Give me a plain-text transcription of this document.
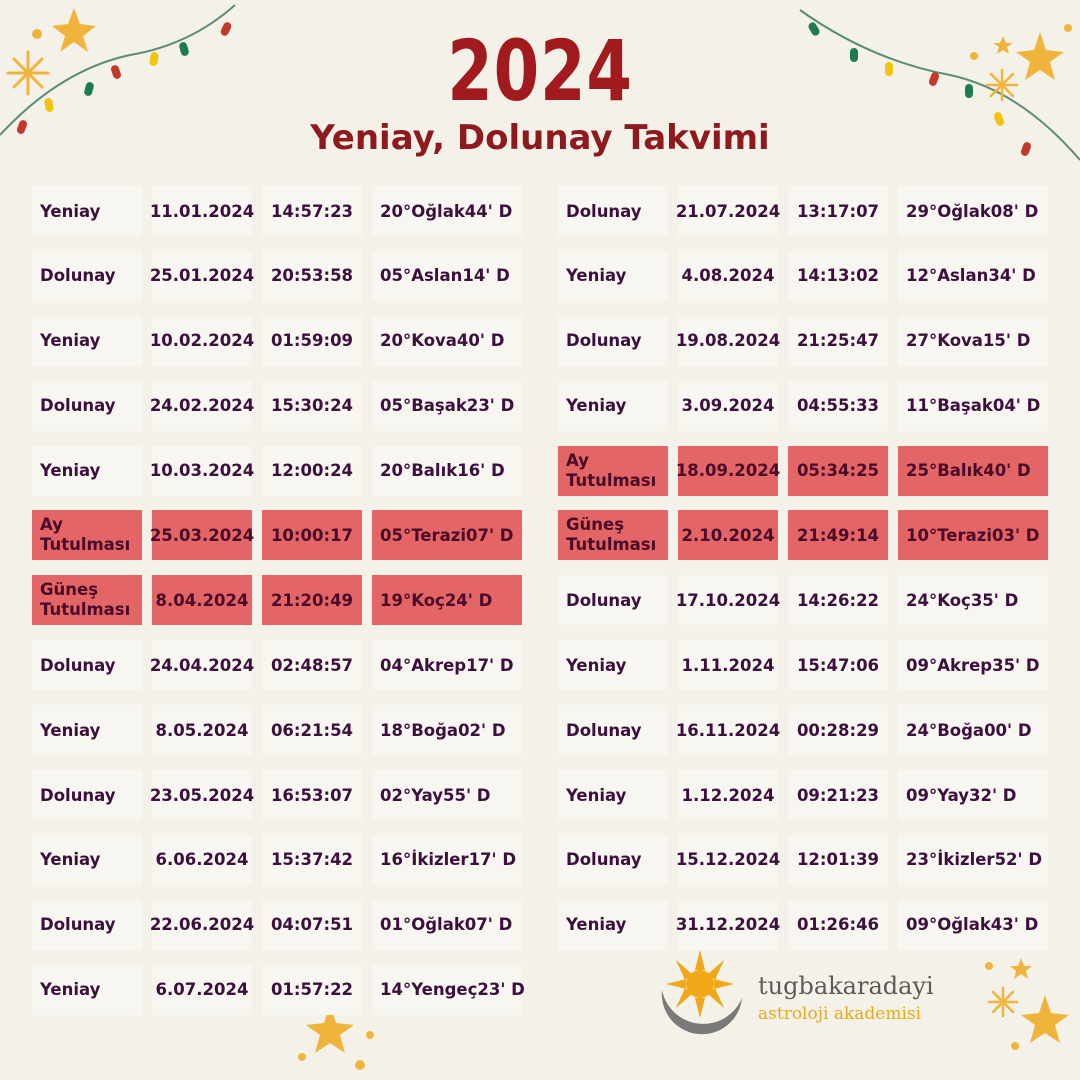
2024
Yeniay, Dolunay Takvimi
Yeniay	11.01.2024	14:57:23	20°Oğlak44' D
Dolunay	25.01.2024	20:53:58	05°Aslan14' D
Yeniay	10.02.2024	01:59:09	20°Kova40' D
Dolunay	24.02.2024	15:30:24	05°Başak23' D
Yeniay	10.03.2024	12:00:24	20°Balık16' D
Ay Tutulması	25.03.2024	10:00:17	05°Terazi07' D
Güneş Tutulması	8.04.2024	21:20:49	19°Koç24' D
Dolunay	24.04.2024	02:48:57	04°Akrep17' D
Yeniay	8.05.2024	06:21:54	18°Boğa02' D
Dolunay	23.05.2024	16:53:07	02°Yay55' D
Yeniay	6.06.2024	15:37:42	16°İkizler17' D
Dolunay	22.06.2024	04:07:51	01°Oğlak07' D
Yeniay	6.07.2024	01:57:22	14°Yengeç23' D
Dolunay	21.07.2024	13:17:07	29°Oğlak08' D
Yeniay	4.08.2024	14:13:02	12°Aslan34' D
Dolunay	19.08.2024	21:25:47	27°Kova15' D
Yeniay	3.09.2024	04:55:33	11°Başak04' D
Ay Tutulması	18.09.2024	05:34:25	25°Balık40' D
Güneş Tutulması	2.10.2024	21:49:14	10°Terazi03' D
Dolunay	17.10.2024	14:26:22	24°Koç35' D
Yeniay	1.11.2024	15:47:06	09°Akrep35' D
Dolunay	16.11.2024	00:28:29	24°Boğa00' D
Yeniay	1.12.2024	09:21:23	09°Yay32' D
Dolunay	15.12.2024	12:01:39	23°İkizler52' D
Yeniay	31.12.2024	01:26:46	09°Oğlak43' D
tugbakaradayi
astroloji akademisi
